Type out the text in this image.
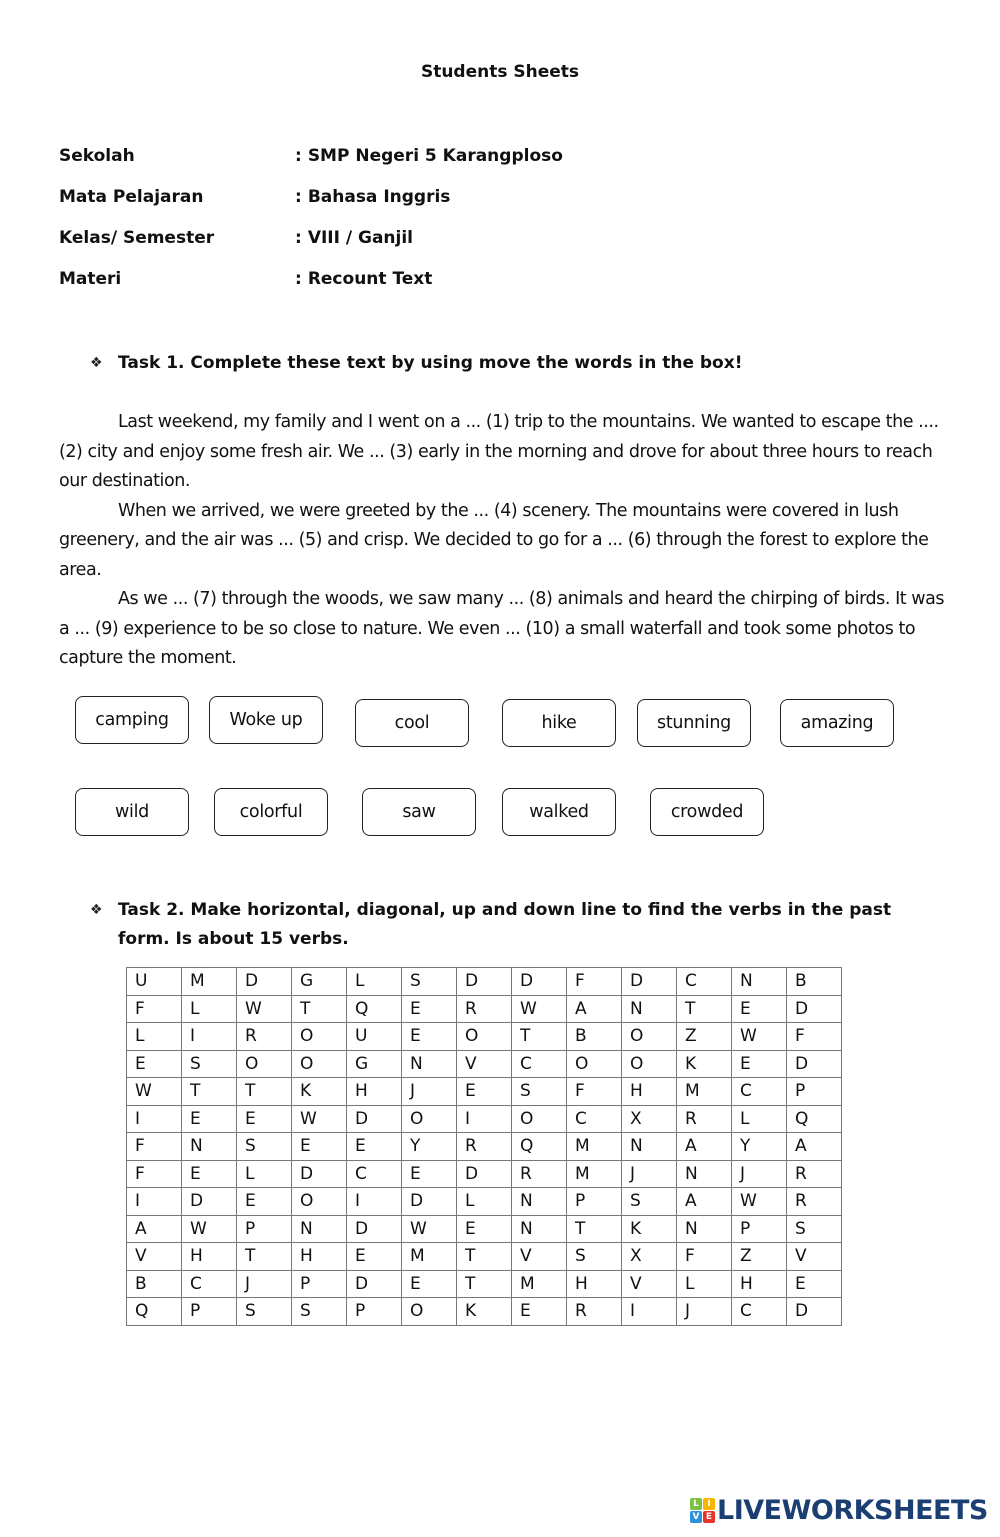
Students Sheets
Sekolah	: SMP Negeri 5 Karangploso
Mata Pelajaran	: Bahasa Inggris
Kelas/ Semester	: VIII / Ganjil
Materi	: Recount Text
❖ Task 1. Complete these text by using move the words in the box!

Last weekend, my family and I went on a ... (1) trip to the mountains. We wanted to escape the .... (2) city and enjoy some fresh air. We ... (3) early in the morning and drove for about three hours to reach our destination.

When we arrived, we were greeted by the ... (4) scenery. The mountains were covered in lush greenery, and the air was ... (5) and crisp. We decided to go for a ... (6) through the forest to explore the area.

As we ... (7) through the woods, we saw many ... (8) animals and heard the chirping of birds. It was a ... (9) experience to be so close to nature. We even ... (10) a small waterfall and took some photos to capture the moment.

camping	Woke up	cool	hike	stunning	amazing
wild	colorful	saw	walked	crowded
❖ Task 2. Make horizontal, diagonal, up and down line to find the verbs in the past form. Is about 15 verbs.
U	M	D	G	L	S	D	D	F	D	C	N	B
F	L	W	T	Q	E	R	W	A	N	T	E	D
L	I	R	O	U	E	O	T	B	O	Z	W	F
E	S	O	O	G	N	V	C	O	O	K	E	D
W	T	T	K	H	J	E	S	F	H	M	C	P
I	E	E	W	D	O	I	O	C	X	R	L	Q
F	N	S	E	E	Y	R	Q	M	N	A	Y	A
F	E	L	D	C	E	D	R	M	J	N	J	R
I	D	E	O	I	D	L	N	P	S	A	W	R
A	W	P	N	D	W	E	N	T	K	N	P	S
V	H	T	H	E	M	T	V	S	X	F	Z	V
B	C	J	P	D	E	T	M	H	V	L	H	E
Q	P	S	S	P	O	K	E	R	I	J	C	D
L I
V E LIVEWORKSHEETS
